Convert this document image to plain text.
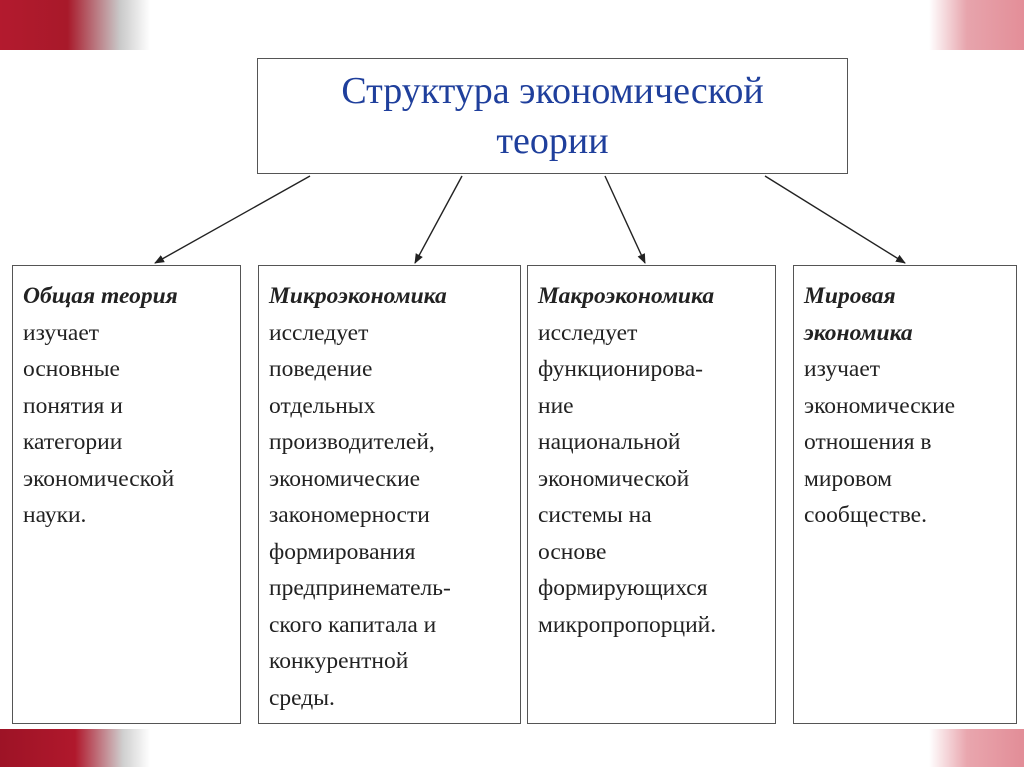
Структура экономической теории
Общая теория
изучает
основные
понятия и
категории
экономической
науки.
Микроэкономика
исследует
поведение
отдельных
производителей,
экономические
закономерности
формирования
предпринематель-
ского капитала и
конкурентной
среды.
Макроэкономика
исследует
функционирова-
ние
национальной
экономической
системы на
основе
формирующихся
микропропорций.
Мировая
экономика
изучает
экономические
отношения в
мировом
сообществе.
